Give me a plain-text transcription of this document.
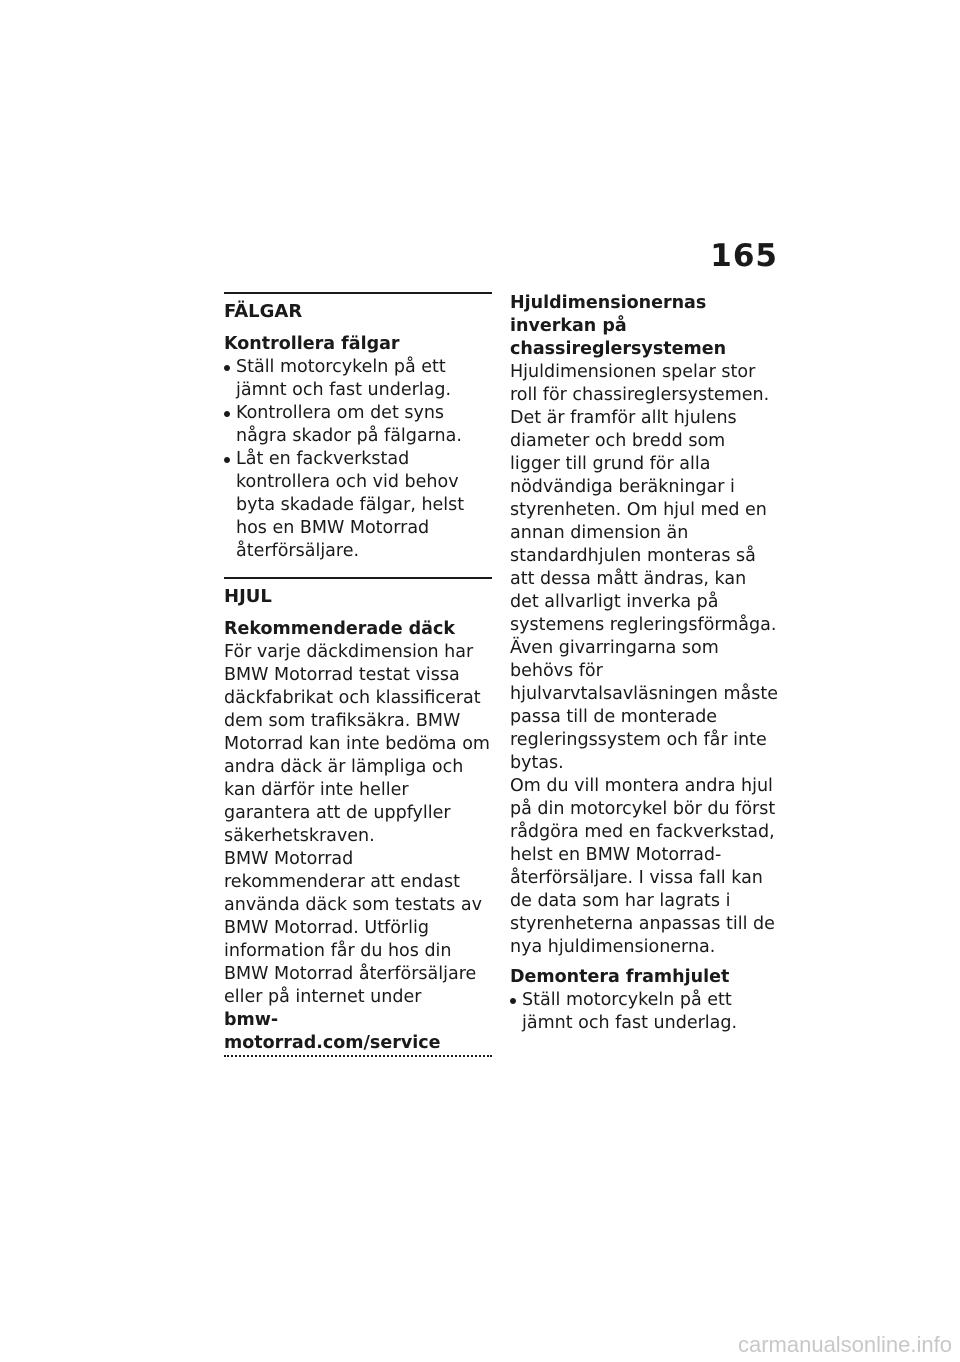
165
FÄLGAR
Kontrollera fälgar
Ställ motorcykeln på ett jämnt och fast underlag.
Kontrollera om det syns några skador på fälgarna.
Låt en fackverkstad kontrollera och vid behov byta skadade fälgar, helst hos en BMW Motorrad återförsäljare.
HJUL
Rekommenderade däck
För varje däckdimension har BMW Motorrad testat vissa däckfabrikat och klassificerat dem som trafiksäkra. BMW Motorrad kan inte bedöma om andra däck är lämpliga och kan därför inte heller garantera att de uppfyller säkerhetskraven.
BMW Motorrad rekommenderar att endast använda däck som testats av BMW Motorrad. Utförlig information får du hos din BMW Motorrad återförsäljare eller på internet under
bmw-motorrad.com/service
Hjuldimensionernas inverkan på chassireglersystemen
Hjuldimensionen spelar stor roll för chassireglersystemen. Det är framför allt hjulens diameter och bredd som ligger till grund för alla nödvändiga beräkningar i styrenheten. Om hjul med en annan dimension än standardhjulen monteras så att dessa mått ändras, kan det allvarligt inverka på systemens regleringsförmåga.
Även givarringarna som behövs för hjulvarvtalsavläsningen måste passa till de monterade regleringssystem och får inte bytas.
Om du vill montera andra hjul på din motorcykel bör du först rådgöra med en fackverkstad, helst en BMW Motorrad-återförsäljare. I vissa fall kan de data som har lagrats i styrenheterna anpassas till de nya hjuldimensionerna.
Demontera framhjulet
Ställ motorcykeln på ett jämnt och fast underlag.
carmanualsonline.info
